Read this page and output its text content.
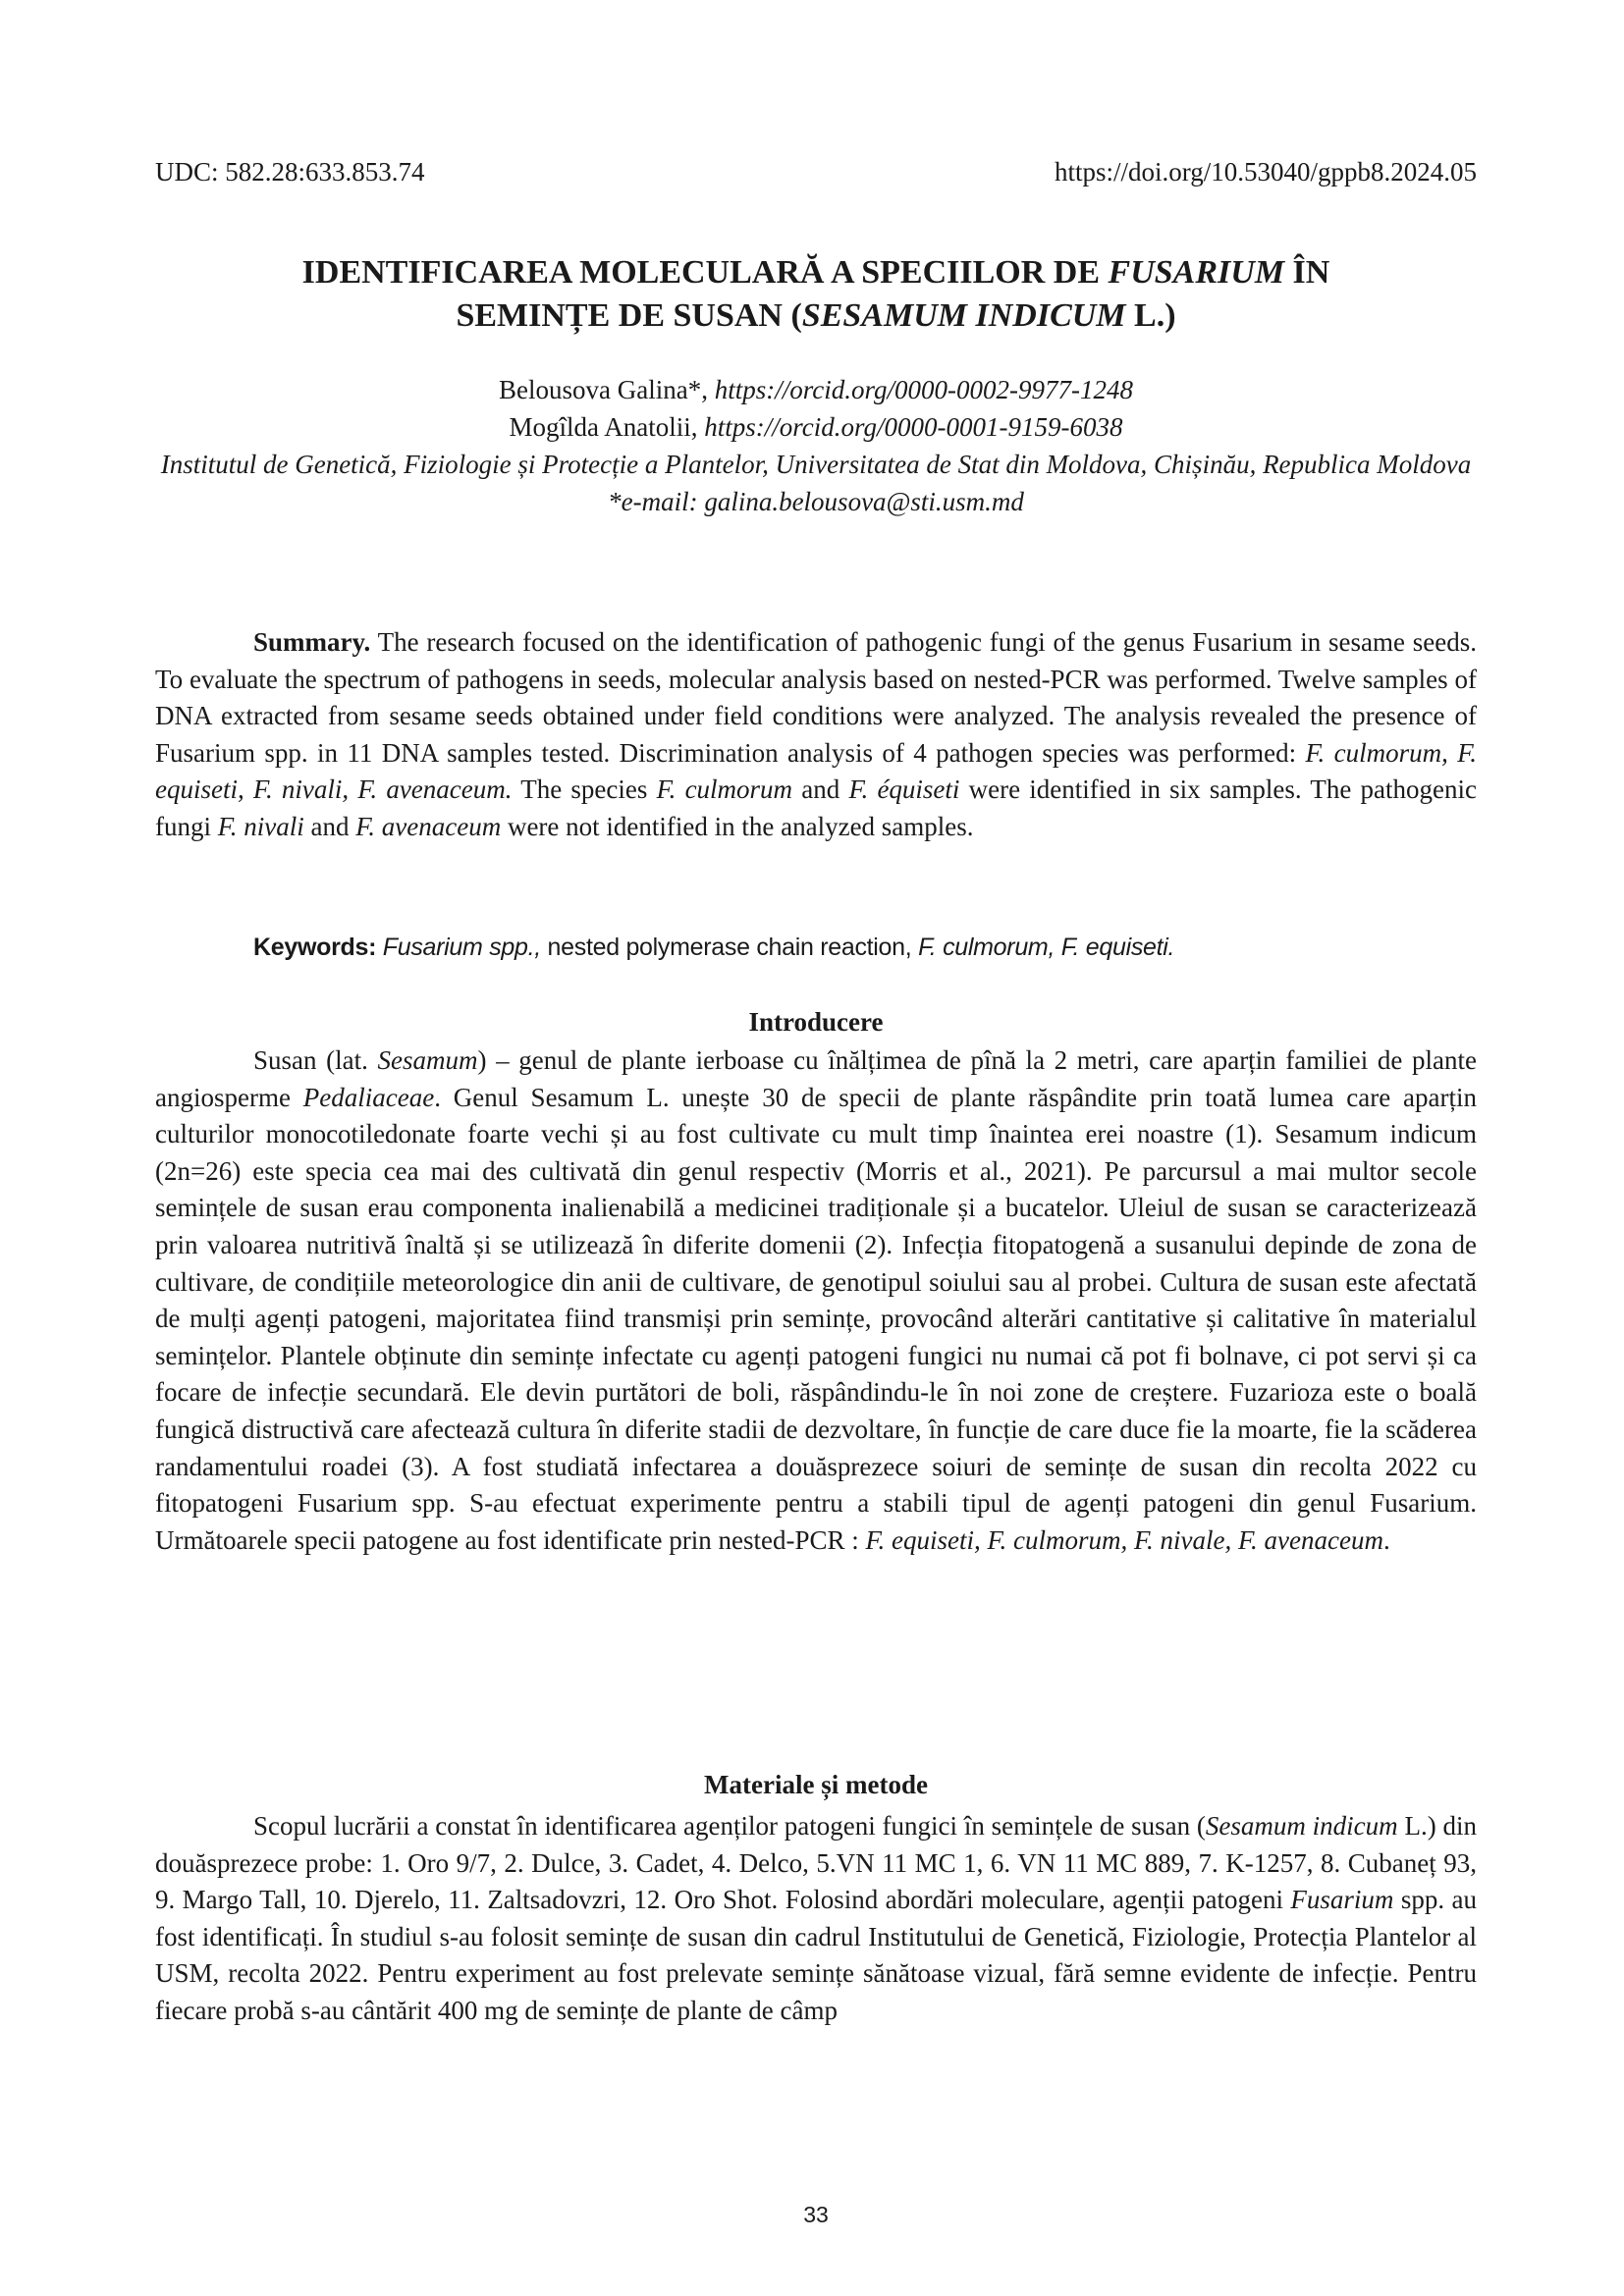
UDC: 582.28:633.853.74	https://doi.org/10.53040/gppb8.2024.05
IDENTIFICAREA MOLECULARĂ A SPECIILOR DE FUSARIUM ÎN
SEMINȚE DE SUSAN (SESAMUM INDICUM L.)
Belousova Galina*, https://orcid.org/0000-0002-9977-1248
Mogîlda Anatolii, https://orcid.org/0000-0001-9159-6038
Institutul de Genetică, Fiziologie și Protecție a Plantelor, Universitatea de Stat din Moldova, Chișinău, Republica Moldova
*e-mail: galina.belousova@sti.usm.md
Summary. The research focused on the identification of pathogenic fungi of the genus Fusarium in sesame seeds. To evaluate the spectrum of pathogens in seeds, molecular analysis based on nested-PCR was performed. Twelve samples of DNA extracted from sesame seeds obtained under field conditions were analyzed. The analysis revealed the presence of Fusarium spp. in 11 DNA samples tested. Discrimination analysis of 4 pathogen species was performed: F. culmorum, F. equiseti, F. nivali, F. avenaceum. The species F. culmorum and F. équiseti were identified in six samples. The pathogenic fungi F. nivali and F. avenaceum were not identified in the analyzed samples.
Keywords: Fusarium spp., nested polymerase chain reaction, F. culmorum, F. equiseti.
Introducere
Susan (lat. Sesamum) – genul de plante ierboase cu înălțimea de pînă la 2 metri, care aparțin familiei de plante angiosperme Pedaliaceae. Genul Sesamum L. unește 30 de specii de plante răspândite prin toată lumea care aparțin culturilor monocotiledonate foarte vechi și au fost cultivate cu mult timp înaintea erei noastre (1). Sesamum indicum (2n=26) este specia cea mai des cultivată din genul respectiv (Morris et al., 2021). Pe parcursul a mai multor secole semințele de susan erau componenta inalienabilă a medicinei tradiționale și a bucatelor. Uleiul de susan se caracterizează prin valoarea nutritivă înaltă și se utilizează în diferite domenii (2). Infecția fitopatogenă a susanului depinde de zona de cultivare, de condițiile meteorologice din anii de cultivare, de genotipul soiului sau al probei. Cultura de susan este afectată de mulți agenți patogeni, majoritatea fiind transmiși prin semințe, provocând alterări cantitative și calitative în materialul semințelor. Plantele obținute din semințe infectate cu agenți patogeni fungici nu numai că pot fi bolnave, ci pot servi și ca focare de infecție secundară. Ele devin purtători de boli, răspândindu-le în noi zone de creștere. Fuzarioza este o boală fungică distructivă care afectează cultura în diferite stadii de dezvoltare, în funcție de care duce fie la moarte, fie la scăderea randamentului roadei (3). A fost studiată infectarea a douăsprezece soiuri de semințe de susan din recolta 2022 cu fitopatogeni Fusarium spp. S-au efectuat experimente pentru a stabili tipul de agenți patogeni din genul Fusarium. Următoarele specii patogene au fost identificate prin nested-PCR : F. equiseti, F. culmorum, F. nivale, F. avenaceum.
Materiale și metode
Scopul lucrării a constat în identificarea agenților patogeni fungici în semințele de susan (Sesamum indicum L.) din douăsprezece probe: 1. Oro 9/7, 2. Dulce, 3. Cadet, 4. Delco, 5.VN 11 MC 1, 6. VN 11 MC 889, 7. K-1257, 8. Cubaneț 93, 9. Margo Tall, 10. Djerelo, 11. Zaltsadovzri, 12. Oro Shot. Folosind abordări moleculare, agenții patogeni Fusarium spp. au fost identificați. În studiul s-au folosit semințe de susan din cadrul Institutului de Genetică, Fiziologie, Protecția Plantelor al USM, recolta 2022. Pentru experiment au fost prelevate semințe sănătoase vizual, fără semne evidente de infecție. Pentru fiecare probă s-au cântărit 400 mg de semințe de plante de câmp
33
